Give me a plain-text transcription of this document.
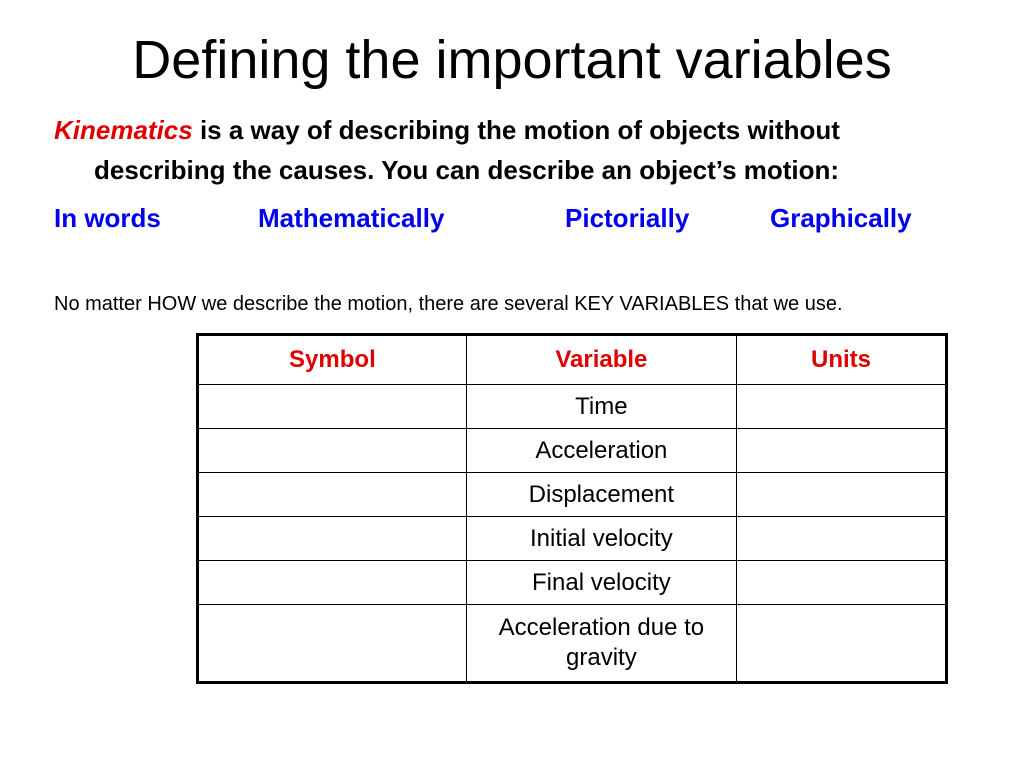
Defining the important variables
Kinematics is a way of describing the motion of objects without
describing the causes. You can describe an object’s motion:
In words	Mathematically	Pictorially	Graphically
No matter HOW we describe the motion, there are several KEY VARIABLES that we use.
Symbol	Variable	Units
	Time	
	Acceleration	
	Displacement	
	Initial velocity	
	Final velocity	
	Acceleration due to gravity	
